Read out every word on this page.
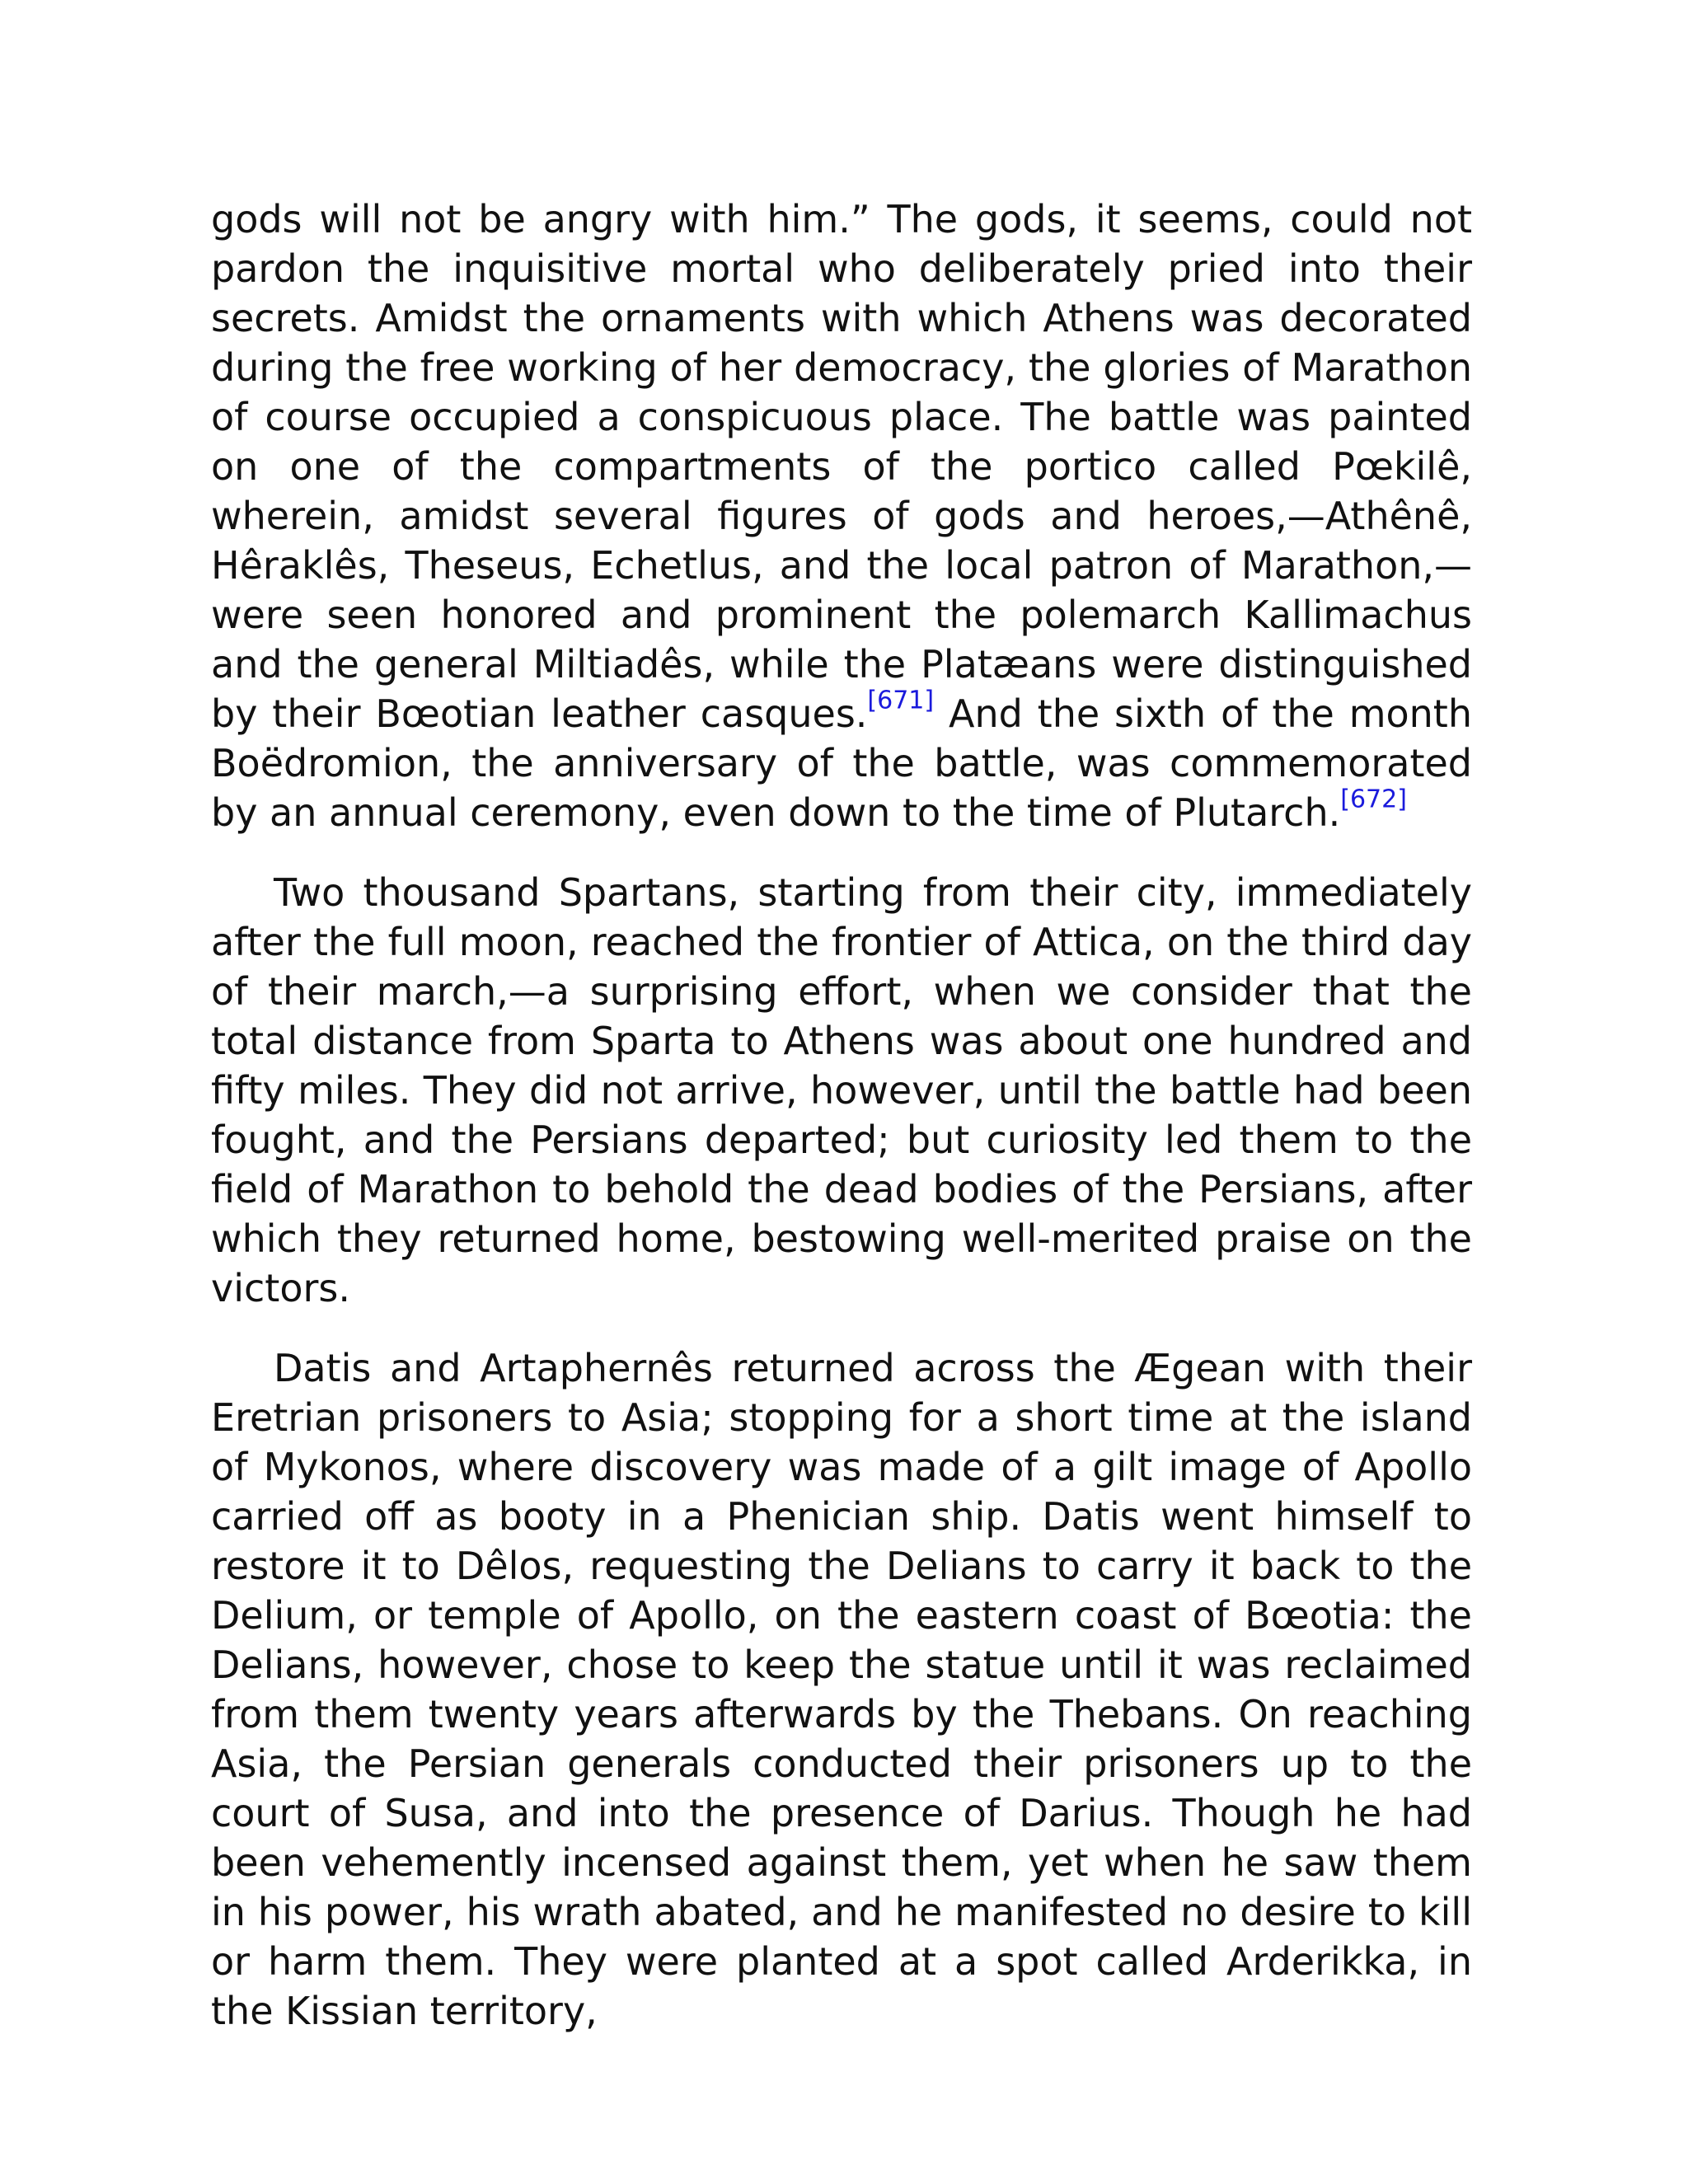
gods will not be angry with him.” The gods, it seems, could not pardon the inquisitive mortal who deliberately pried into their secrets. Amidst the ornaments with which Athens was decorated during the free working of her democracy, the glories of Marathon of course occupied a conspicuous place. The battle was painted on one of the compartments of the portico called Pœkilê, wherein, amidst several figures of gods and heroes,—Athênê, Hêraklês, Theseus, Echetlus, and the local patron of Marathon,—were seen honored and prominent the polemarch Kallimachus and the general Miltiadês, while the Platæans were distinguished by their Bœotian leather casques.[671] And the sixth of the month Boëdromion, the anniversary of the battle, was commemorated by an annual ceremony, even down to the time of Plutarch.[672]

Two thousand Spartans, starting from their city, immediately after the full moon, reached the frontier of Attica, on the third day of their march,—a surprising effort, when we consider that the total distance from Sparta to Athens was about one hundred and fifty miles. They did not arrive, however, until the battle had been fought, and the Persians departed; but curiosity led them to the field of Marathon to behold the dead bodies of the Persians, after which they returned home, bestowing well-merited praise on the victors.

Datis and Artaphernês returned across the Ægean with their Eretrian prisoners to Asia; stopping for a short time at the island of Mykonos, where discovery was made of a gilt image of Apollo carried off as booty in a Phenician ship. Datis went himself to restore it to Dêlos, requesting the Delians to carry it back to the Delium, or temple of Apollo, on the eastern coast of Bœotia: the Delians, however, chose to keep the statue until it was reclaimed from them twenty years afterwards by the Thebans. On reaching Asia, the Persian generals conducted their prisoners up to the court of Susa, and into the presence of Darius. Though he had been vehemently incensed against them, yet when he saw them in his power, his wrath abated, and he manifested no desire to kill or harm them. They were planted at a spot called Arderikka, in the Kissian territory,
